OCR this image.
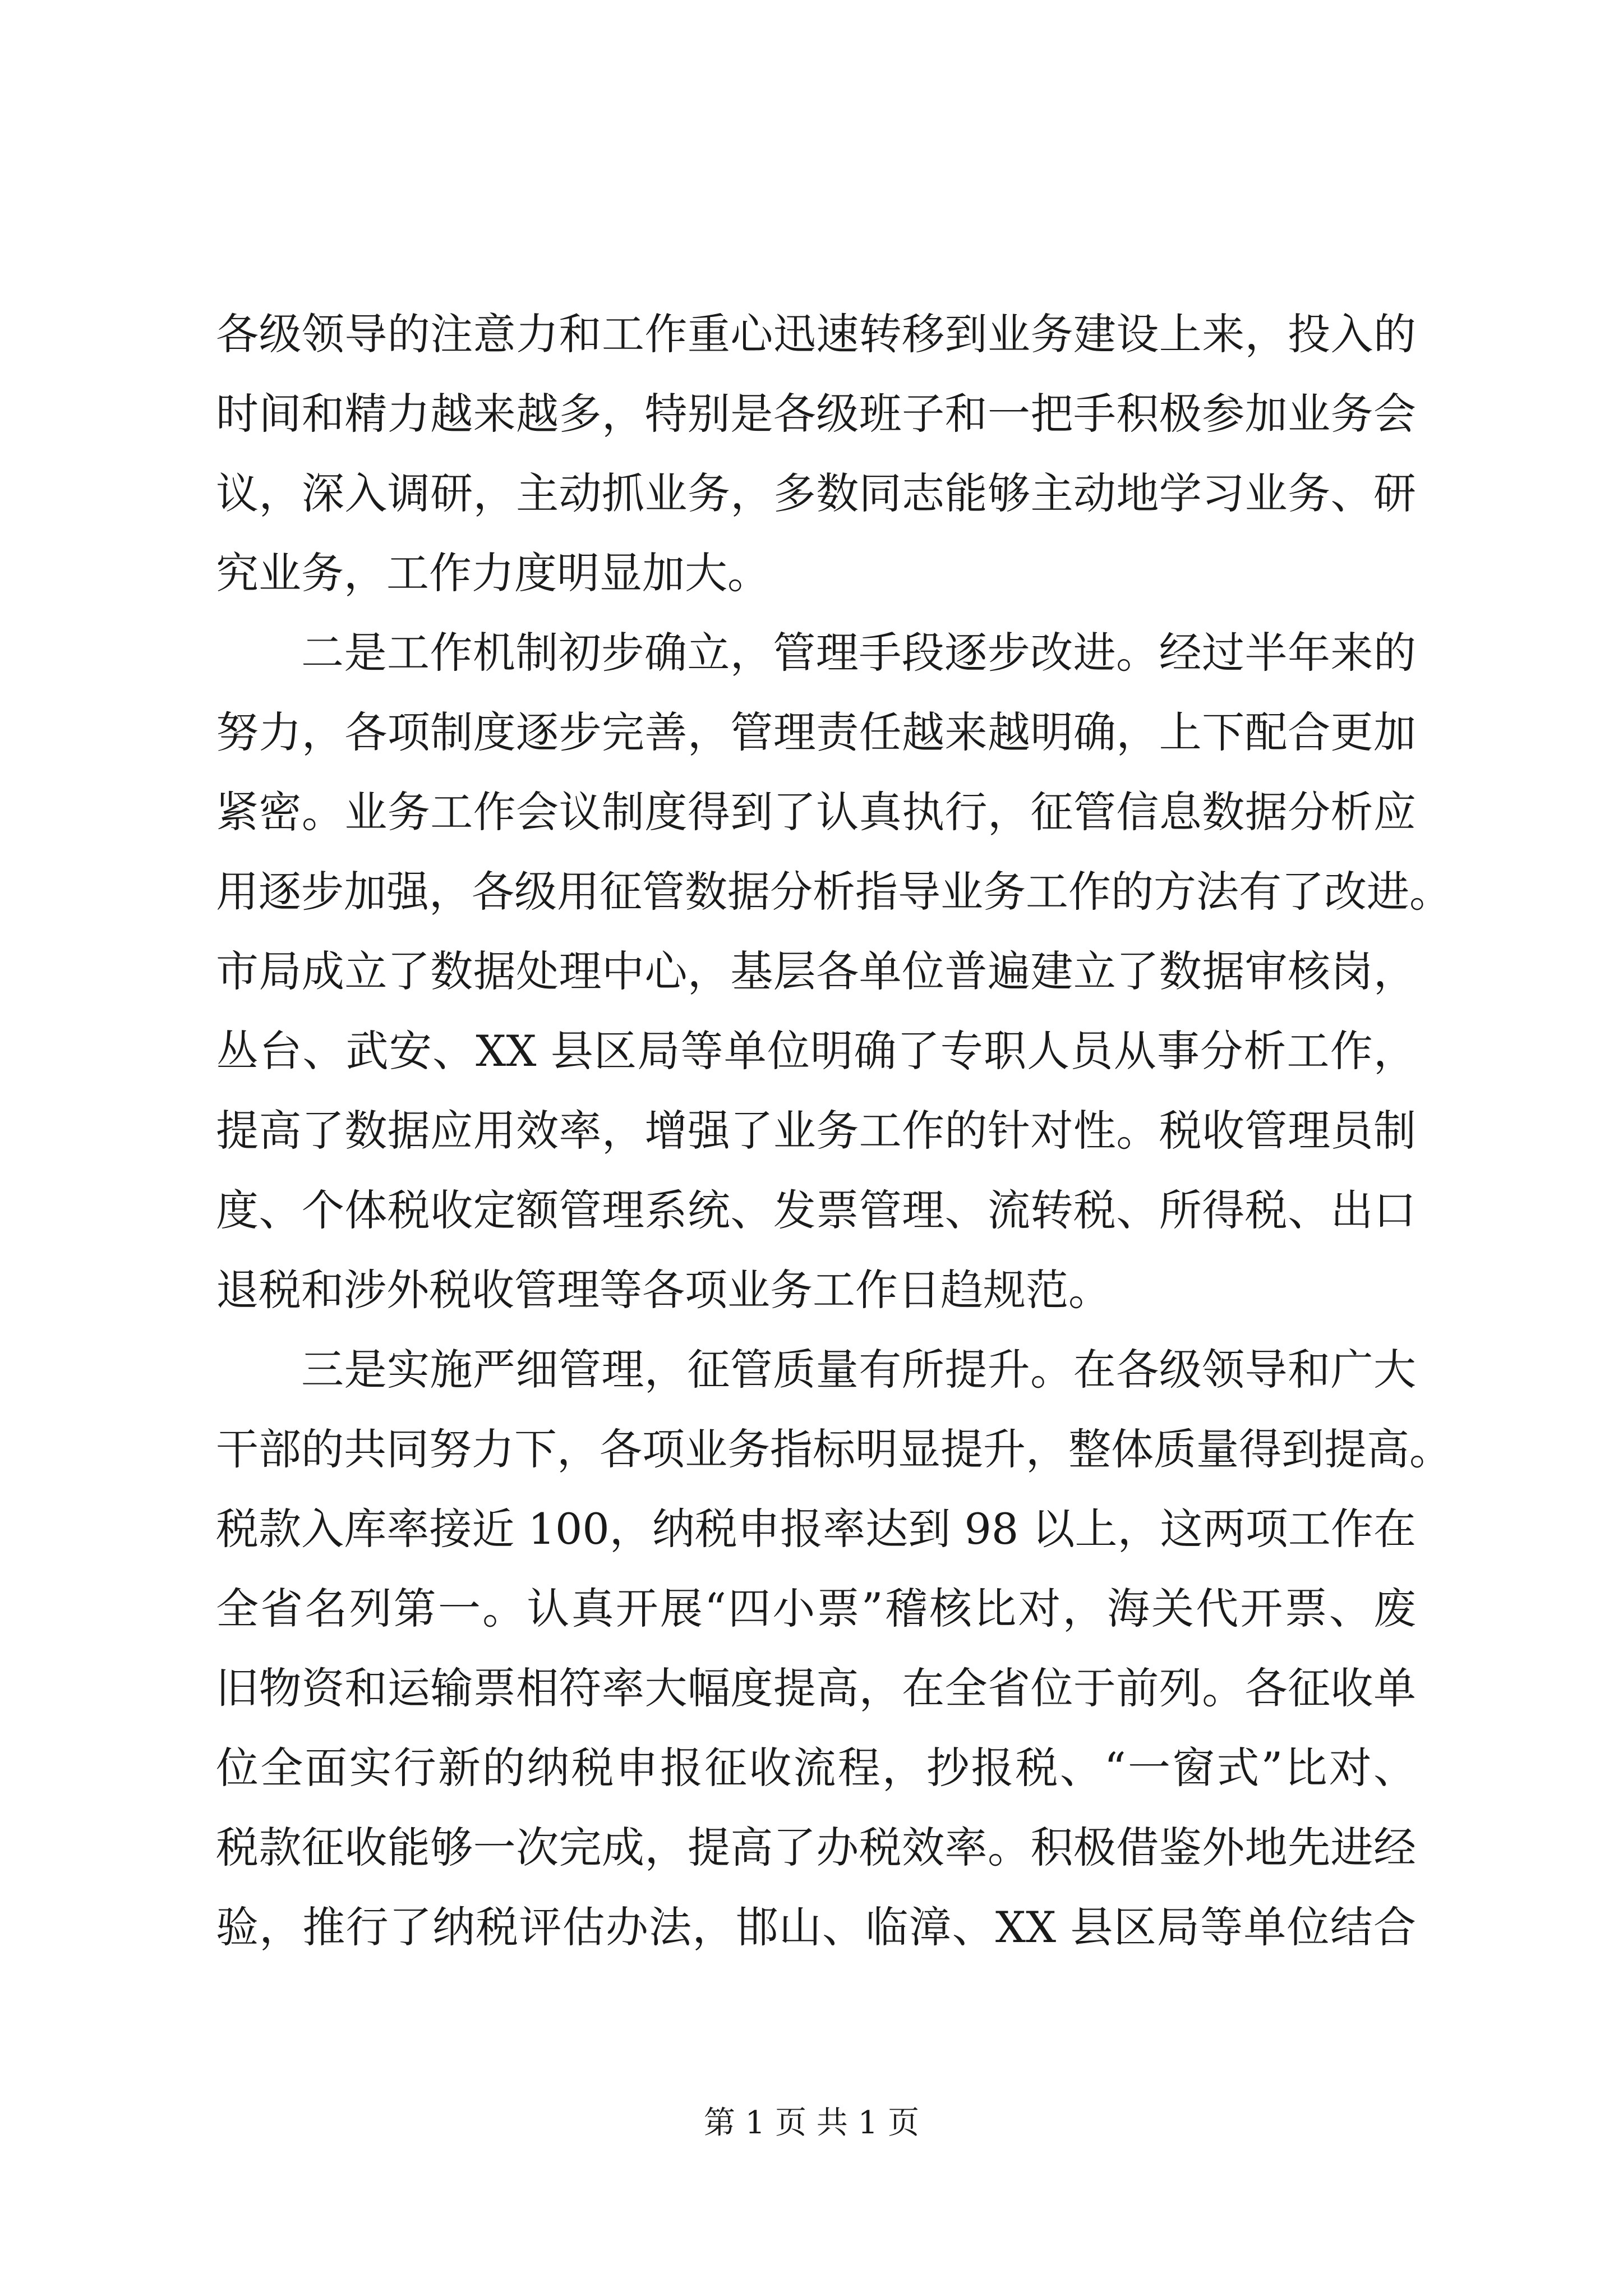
各级领导的注意力和工作重心迅速转移到业务建设上来，投入的
时间和精力越来越多，特别是各级班子和一把手积极参加业务会
议，深入调研，主动抓业务，多数同志能够主动地学习业务、研
究业务，工作力度明显加大。
二是工作机制初步确立，管理手段逐步改进。经过半年来的
努力，各项制度逐步完善，管理责任越来越明确，上下配合更加
紧密。业务工作会议制度得到了认真执行，征管信息数据分析应
用逐步加强，各级用征管数据分析指导业务工作的方法有了改进。
市局成立了数据处理中心，基层各单位普遍建立了数据审核岗，
丛台、武安、XX 县区局等单位明确了专职人员从事分析工作，
提高了数据应用效率，增强了业务工作的针对性。税收管理员制
度、个体税收定额管理系统、发票管理、流转税、所得税、出口
退税和涉外税收管理等各项业务工作日趋规范。
三是实施严细管理，征管质量有所提升。在各级领导和广大
干部的共同努力下，各项业务指标明显提升，整体质量得到提高。
税款入库率接近 100，纳税申报率达到 98 以上，这两项工作在
全省名列第一。认真开展“四小票”稽核比对，海关代开票、废
旧物资和运输票相符率大幅度提高，在全省位于前列。各征收单
位全面实行新的纳税申报征收流程，抄报税、“一窗式”比对、
税款征收能够一次完成，提高了办税效率。积极借鉴外地先进经
验，推行了纳税评估办法，邯山、临漳、XX 县区局等单位结合
第 1 页 共 1 页
